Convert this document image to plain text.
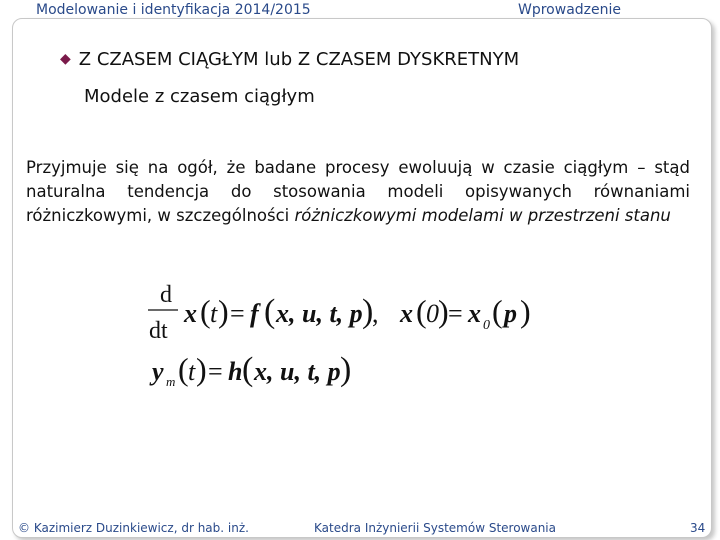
Modelowanie i identyfikacja 2014/2015	Wprowadzenie
◆ Z CZASEM CIĄGŁYM lub Z CZASEM DYSKRETNYM
Modele z czasem ciągłym
Przyjmuje się na ogół, że badane procesy ewoluują w czasie ciągłym – stąd naturalna tendencja do stosowania modeli opisywanych równaniami różniczkowymi, w szczególności różniczkowymi modelami w przestrzeni stanu
d
dt
x ( t ) = f ( x, u, t, p )
, x ( 0 ) = x 0 ( p )
y m ( t ) = h ( x, u, t, p )
© Kazimierz Duzinkiewicz, dr hab. inż.	Katedra Inżynierii Systemów Sterowania	34
